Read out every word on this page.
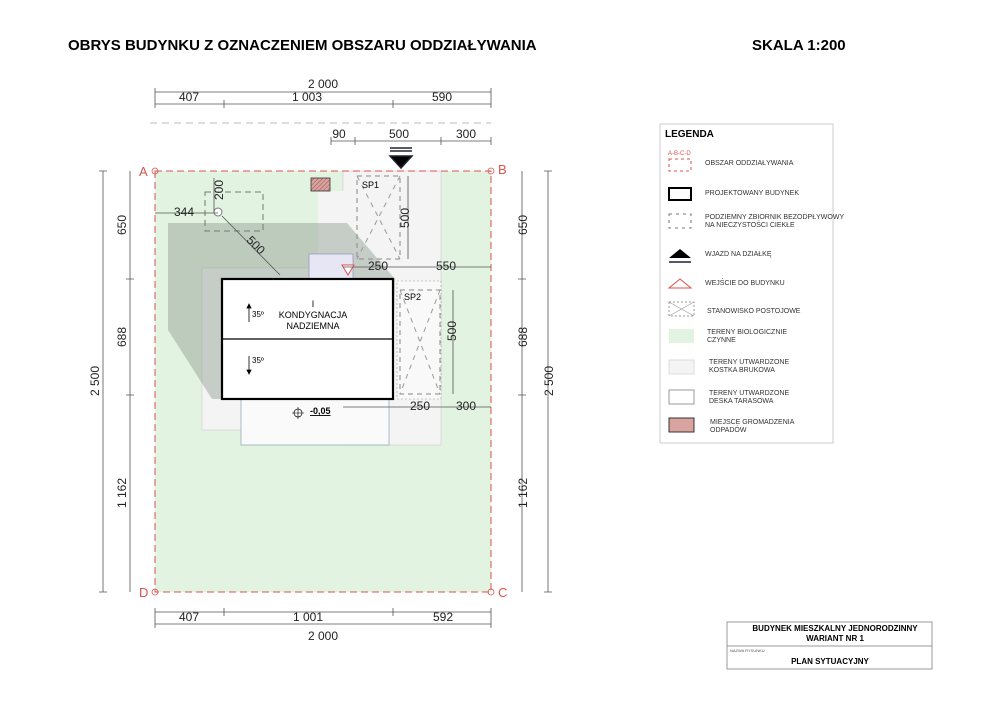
OBRYS BUDYNKU Z OZNACZENIEM OBSZARU ODDZIAŁYWANIA	SKALA 1:200
A	B
C
D
I
KONDYGNACJA
NADZIEMNA
35º
35º
-0,05
SP1
SP2
2 000
407	1 003	590
90	500	300
407	1 001	592
2 000
344
500
250	550
250 300
2 500
650
688
1 162
650
688
1 162
2 500
200
500
500
LEGENDA
A-B-C-D
OBSZAR ODDZIAŁYWANIA
PROJEKTOWANY BUDYNEK
PODZIEMNY ZBIORNIK BEZODPŁYWOWY
NA NIECZYSTOŚCI CIEKŁE
WJAZD NA DZIAŁKĘ
WEJŚCIE DO BUDYNKU
STANOWISKO POSTOJOWE
TERENY BIOLOGICZNIE
CZYNNE
TERENY UTWARDZONE
KOSTKA BRUKOWA
TERENY UTWARDZONE
DESKA TARASOWA
MIEJSCE GROMADZENIA
ODPADÓW
BUDYNEK MIESZKALNY JEDNORODZINNY
WARIANT NR 1
NAZWA RYSUNKU
PLAN SYTUACYJNY
